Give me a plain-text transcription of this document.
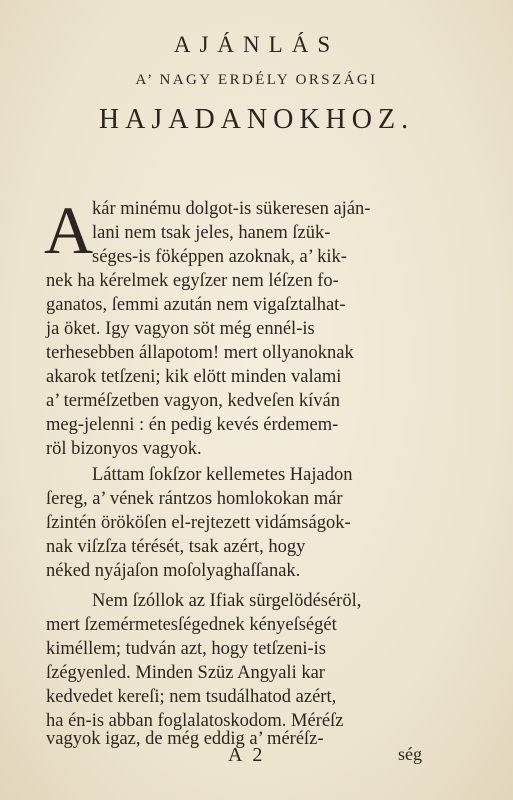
AJÁNLÁS
A’ NAGY ERDÉLY ORSZÁGI
HAJADANOKHOZ.
A
kár minému dolgot-is sükeresen aján-
lani nem tsak jeles, hanem ſzük-
séges-is föképpen azoknak, a’ kik-
nek ha kérelmek egyſzer nem léſzen fo-
ganatos, ſemmi azután nem vigaſztalhat-
ja öket. Igy vagyon söt még ennél-is
terhesebben állapotom! mert ollyanoknak
akarok tetſzeni; kik elött minden valami
a’ terméſzetben vagyon, kedveſen kíván
meg-jelenni : én pedig kevés érdemem-
röl bizonyos vagyok.
Láttam ſokſzor kellemetes Hajadon
ſereg, a’ vének rántzos homlokokan már
ſzintén örököſen el-rejtezett vidámságok-
nak viſzſza térését, tsak azért, hogy
néked nyájaſon moſolyaghaſſanak.
Nem ſzóllok az Ifiak sürgelödéséröl,
mert ſzemérmetesſégednek kényeſségét
kiméllem; tudván azt, hogy tetſzeni-is
ſzégyenled. Minden Szüz Angyali kar
kedvedet kereſi; nem tsudálhatod azért,
ha én-is abban foglalatoskodom. Méréſz
vagyok igaz, de még eddig a’ méréſz-
A 2	ség
